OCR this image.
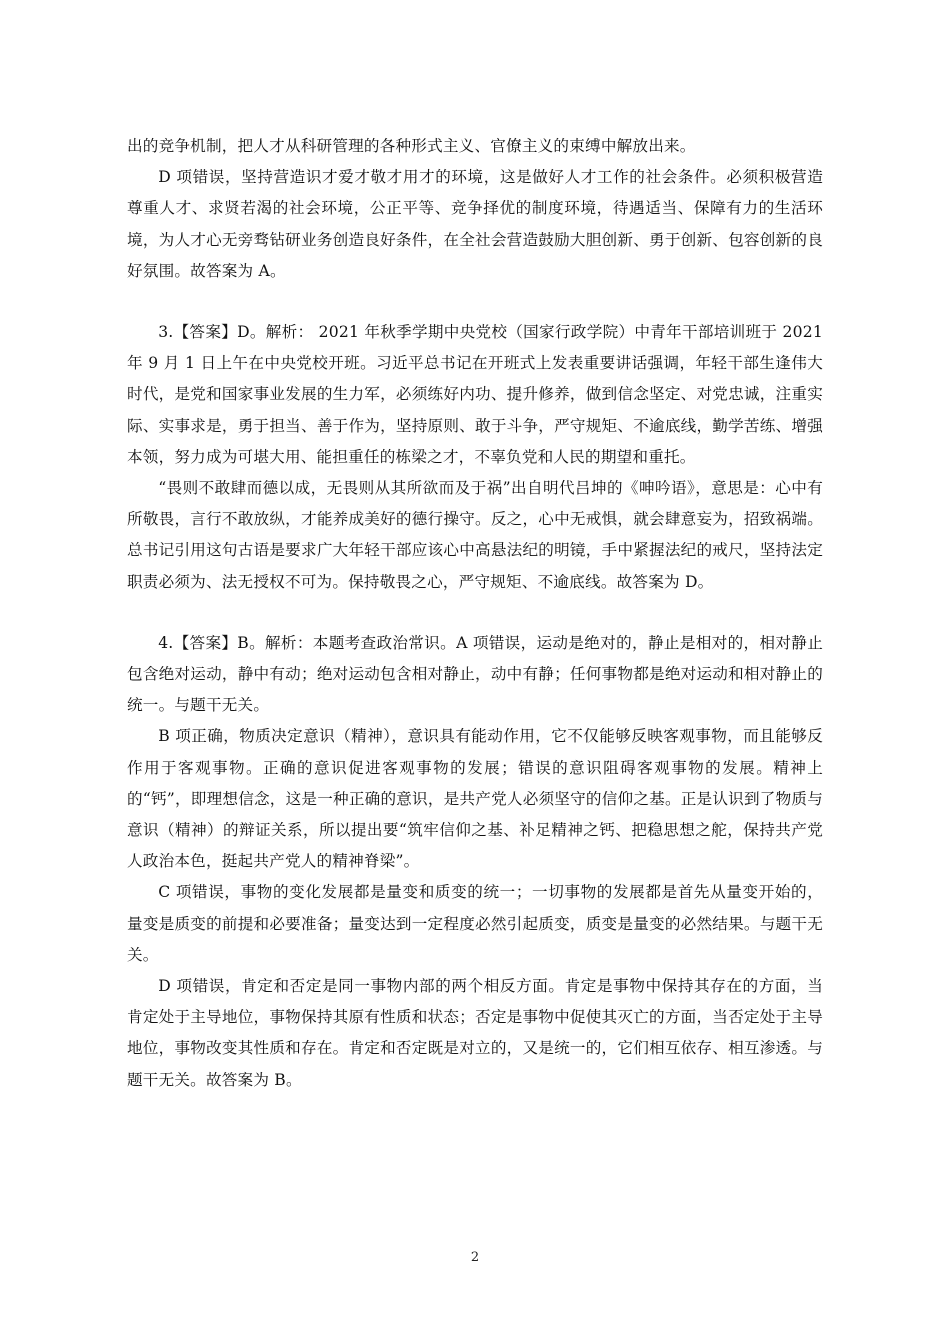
出的竞争机制，把人才从科研管理的各种形式主义、官僚主义的束缚中解放出来。

D 项错误，坚持营造识才爱才敬才用才的环境，这是做好人才工作的社会条件。必须积极营造尊重人才、求贤若渴的社会环境，公正平等、竞争择优的制度环境，待遇适当、保障有力的生活环境，为人才心无旁骛钻研业务创造良好条件，在全社会营造鼓励大胆创新、勇于创新、包容创新的良好氛围。故答案为 A。

3.【答案】D。解析： 2021 年秋季学期中央党校（国家行政学院）中青年干部培训班于 2021 年 9 月 1 日上午在中央党校开班。习近平总书记在开班式上发表重要讲话强调，年轻干部生逢伟大时代，是党和国家事业发展的生力军，必须练好内功、提升修养，做到信念坚定、对党忠诚，注重实际、实事求是，勇于担当、善于作为，坚持原则、敢于斗争，严守规矩、不逾底线，勤学苦练、增强本领，努力成为可堪大用、能担重任的栋梁之才，不辜负党和人民的期望和重托。

“畏则不敢肆而德以成，无畏则从其所欲而及于祸”出自明代吕坤的《呻吟语》，意思是：心中有所敬畏，言行不敢放纵，才能养成美好的德行操守。反之，心中无戒惧，就会肆意妄为，招致祸端。总书记引用这句古语是要求广大年轻干部应该心中高悬法纪的明镜，手中紧握法纪的戒尺，坚持法定职责必须为、法无授权不可为。保持敬畏之心，严守规矩、不逾底线。故答案为 D。

4.【答案】B。解析：本题考查政治常识。A 项错误，运动是绝对的，静止是相对的，相对静止包含绝对运动，静中有动；绝对运动包含相对静止，动中有静；任何事物都是绝对运动和相对静止的统一。与题干无关。

B 项正确，物质决定意识（精神），意识具有能动作用，它不仅能够反映客观事物，而且能够反作用于客观事物。正确的意识促进客观事物的发展；错误的意识阻碍客观事物的发展。精神上的“钙”，即理想信念，这是一种正确的意识，是共产党人必须坚守的信仰之基。正是认识到了物质与意识（精神）的辩证关系，所以提出要“筑牢信仰之基、补足精神之钙、把稳思想之舵，保持共产党人政治本色，挺起共产党人的精神脊梁”。

C 项错误，事物的变化发展都是量变和质变的统一；一切事物的发展都是首先从量变开始的，量变是质变的前提和必要准备；量变达到一定程度必然引起质变，质变是量变的必然结果。与题干无关。

D 项错误，肯定和否定是同一事物内部的两个相反方面。肯定是事物中保持其存在的方面，当肯定处于主导地位，事物保持其原有性质和状态；否定是事物中促使其灭亡的方面，当否定处于主导地位，事物改变其性质和存在。肯定和否定既是对立的，又是统一的，它们相互依存、相互渗透。与题干无关。故答案为 B。

2
